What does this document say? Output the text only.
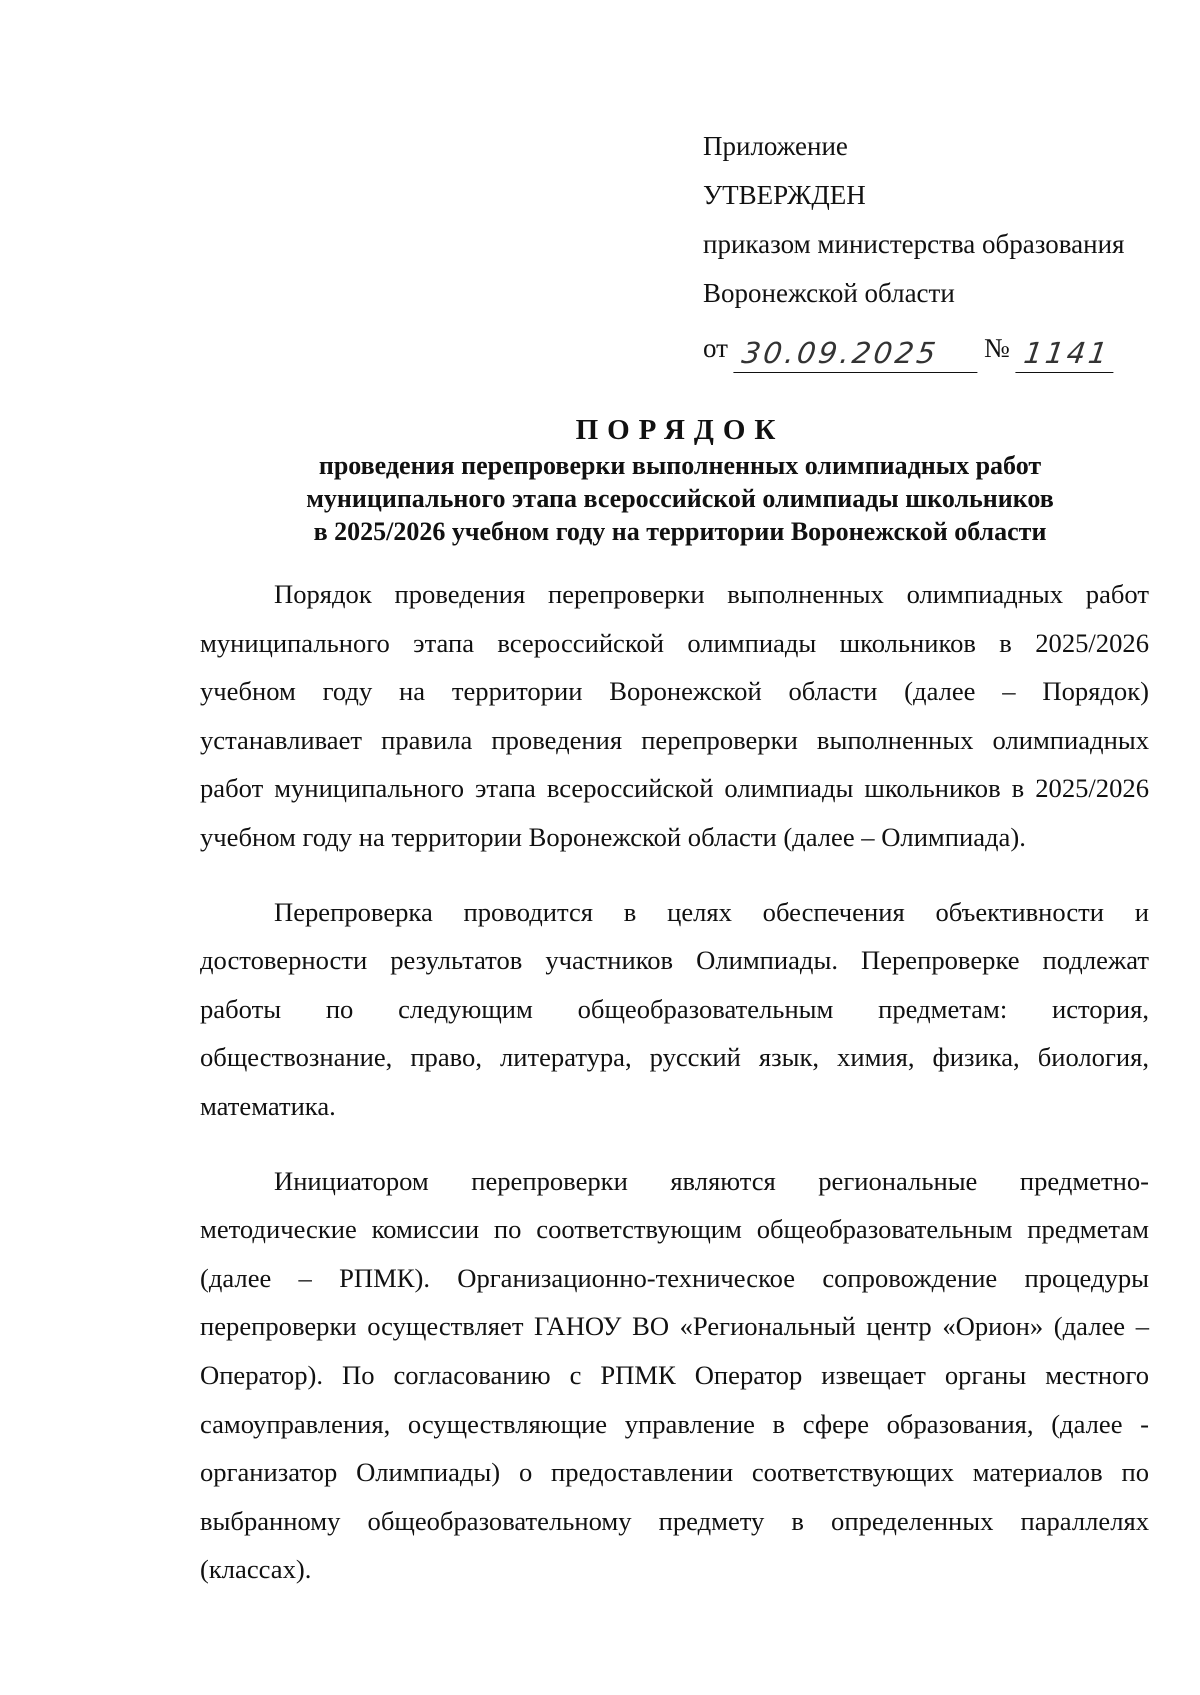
Приложение
УТВЕРЖДЕН
приказом министерства образования
Воронежской области
от 30.09.2025	№ 1141
ПОРЯДОК
проведения перепроверки выполненных олимпиадных работ
муниципального этапа всероссийской олимпиады школьников
в 2025/2026 учебном году на территории Воронежской области

Порядок проведения перепроверки выполненных олимпиадных работ муниципального этапа всероссийской олимпиады школьников в 2025/2026 учебном году на территории Воронежской области (далее – Порядок) устанавливает правила проведения перепроверки выполненных олимпиадных работ муниципального этапа всероссийской олимпиады школьников в 2025/2026 учебном году на территории Воронежской области (далее – Олимпиада).

Перепроверка проводится в целях обеспечения объективности и достоверности результатов участников Олимпиады. Перепроверке подлежат работы по следующим общеобразовательным предметам: история, обществознание, право, литература, русский язык, химия, физика, биология, математика.

Инициатором перепроверки являются региональные предметно-методические комиссии по соответствующим общеобразовательным предметам (далее – РПМК). Организационно-техническое сопровождение процедуры перепроверки осуществляет ГАНОУ ВО «Региональный центр «Орион» (далее – Оператор). По согласованию с РПМК Оператор извещает органы местного самоуправления, осуществляющие управление в сфере образования, (далее - организатор Олимпиады) о предоставлении соответствующих материалов по выбранному общеобразовательному предмету в определенных параллелях (классах).
